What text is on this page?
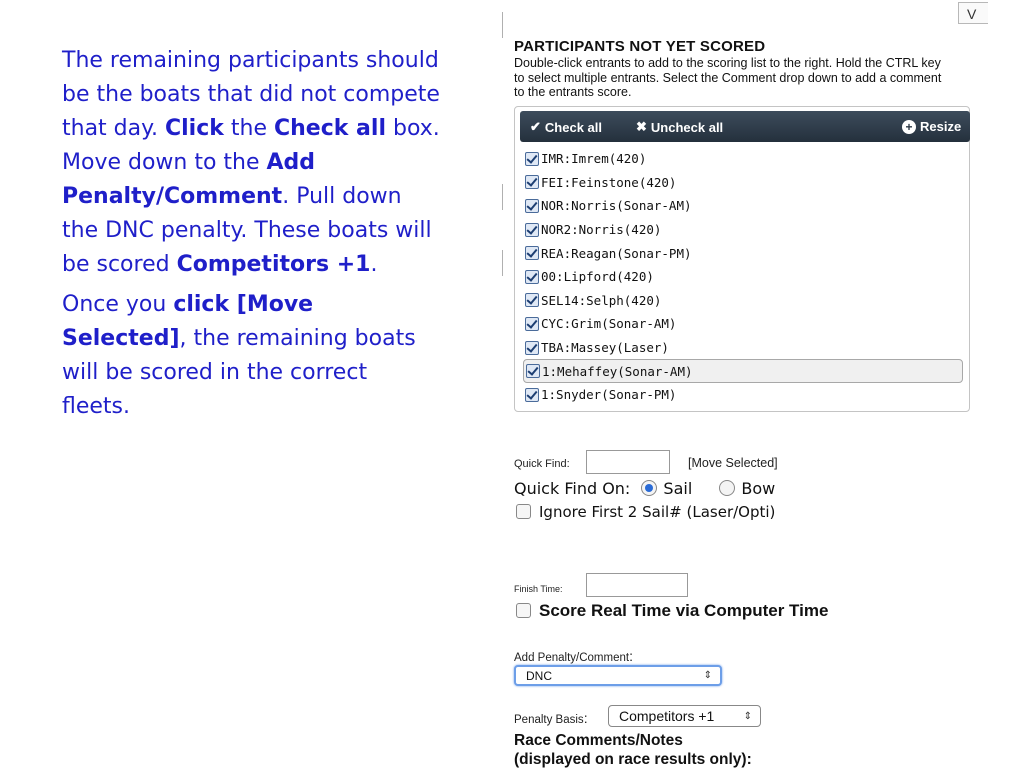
The remaining participants should be the boats that did not compete that day. Click the Check all box. Move down to the Add Penalty/Comment. Pull down the DNC penalty. These boats will be scored Competitors +1.

Once you click [Move Selected], the remaining boats will be scored in the correct fleets.

V
PARTICIPANTS NOT YET SCORED
Double-click entrants to add to the scoring list to the right. Hold the CTRL key to select multiple entrants. Select the Comment drop down to add a comment to the entrants score.
✔ Check all	✖ Uncheck all	+ Resize
IMR:Imrem(420)
FEI:Feinstone(420)
NOR:Norris(Sonar-AM)
NOR2:Norris(420)
REA:Reagan(Sonar-PM)
00:Lipford(420)
SEL14:Selph(420)
CYC:Grim(Sonar-AM)
TBA:Massey(Laser)
1:Mehaffey(Sonar-AM)
1:Snyder(Sonar-PM)
Quick Find:	[Move Selected]
Quick Find On: Sail	Bow
Ignore First 2 Sail# (Laser/Opti)
Finish Time:
Score Real Time via Computer Time
Add Penalty/Comment:
DNC	⇕
Penalty Basis: Competitors +1	⇕
Race Comments/Notes
(displayed on race results only):
